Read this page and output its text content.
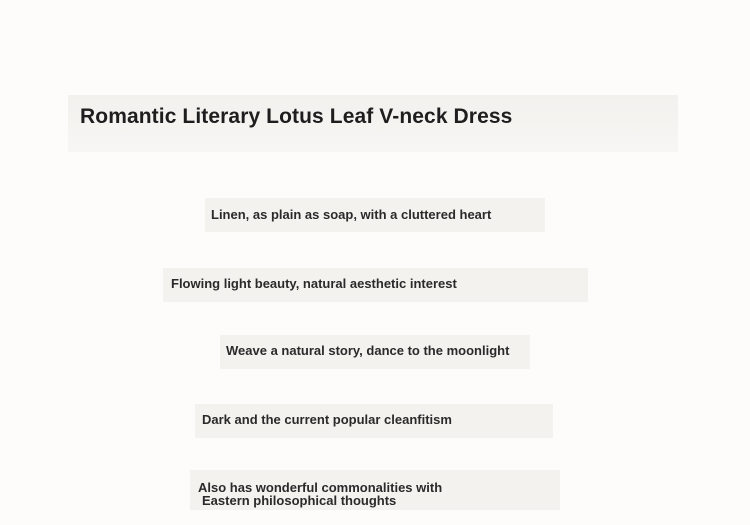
Romantic Literary Lotus Leaf V-neck Dress

Linen, as plain as soap, with a cluttered heart

Flowing light beauty, natural aesthetic interest

Weave a natural story, dance to the moonlight

Dark and the current popular cleanfitism

Also has wonderful commonalities with

Eastern philosophical thoughts
